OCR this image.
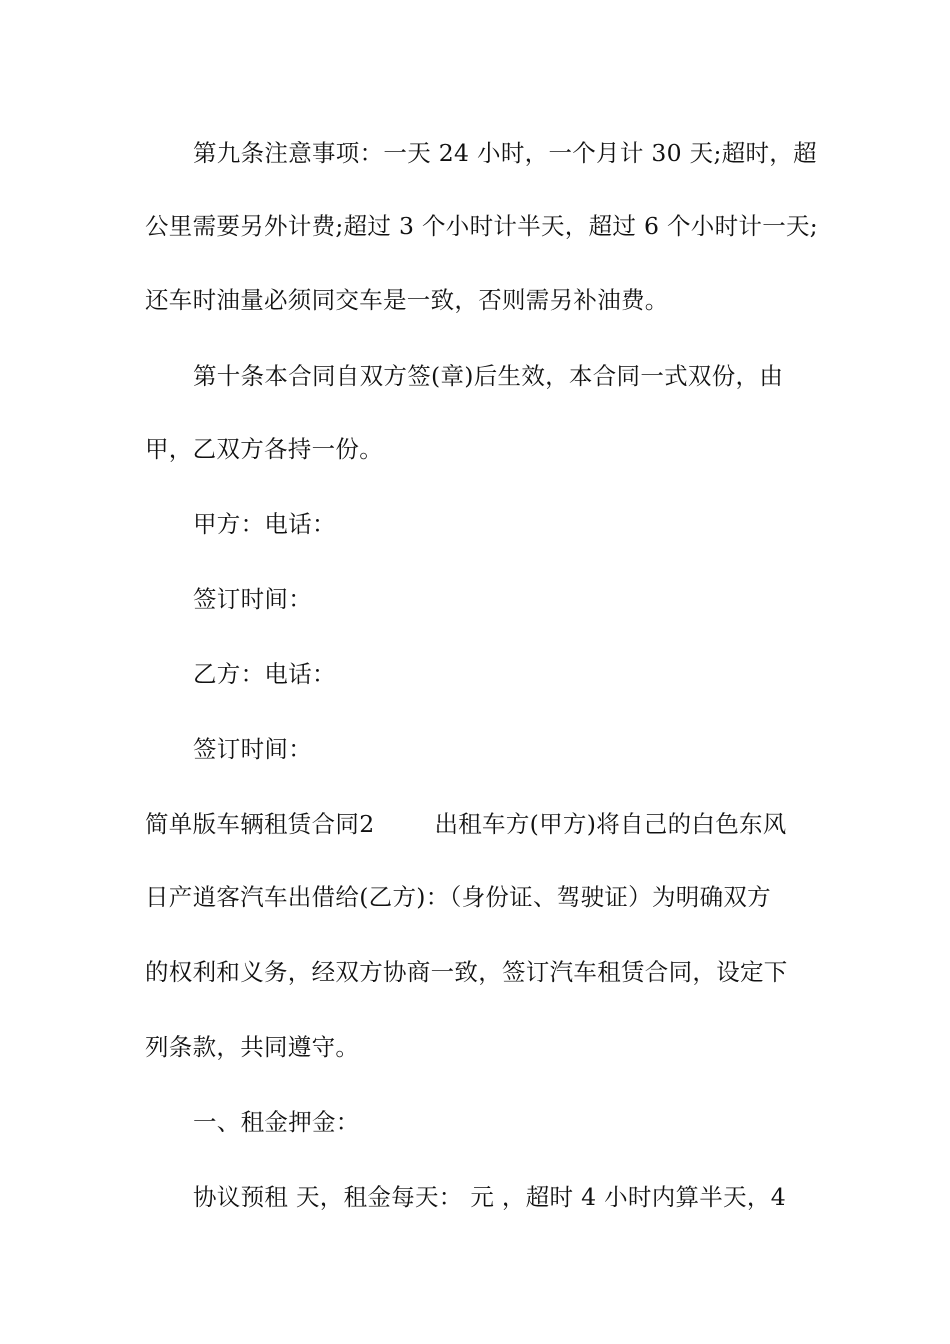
第九条注意事项：一天 24 小时，一个月计 30 天;超时，超
公里需要另外计费;超过 3 个小时计半天，超过 6 个小时计一天;
还车时油量必须同交车是一致，否则需另补油费。
第十条本合同自双方签(章)后生效，本合同一式双份，由
甲，乙双方各持一份。
甲方：电话：
签订时间：
乙方：电话：
签订时间：
简单版车辆租赁合同2	出租车方(甲方)将自己的白色东风
日产逍客汽车出借给(乙方)：（身份证、驾驶证）为明确双方
的权利和义务，经双方协商一致，签订汽车租赁合同，设定下
列条款，共同遵守。
一、租金押金：
协议预租 天，租金每天： 元 ，超时 4 小时内算半天，4
